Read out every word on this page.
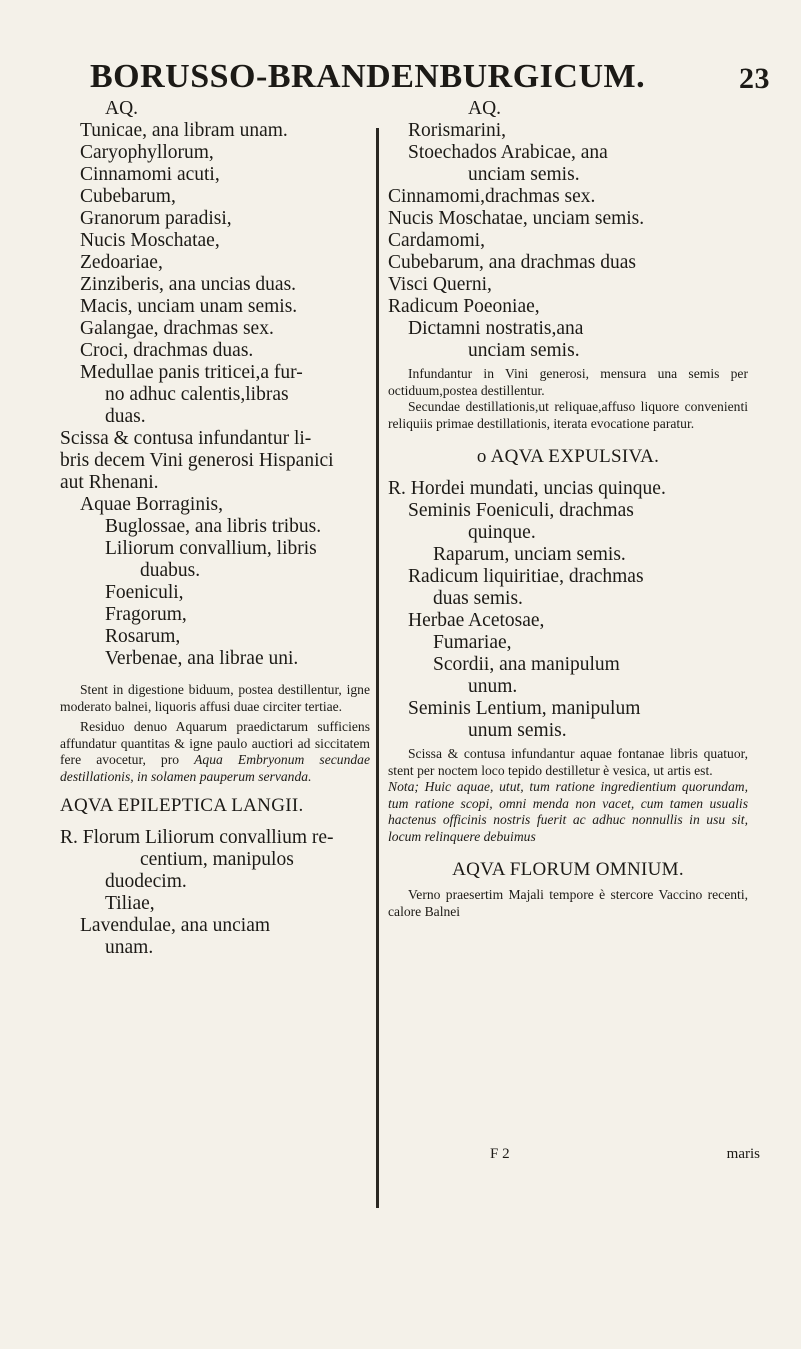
BORUSSO-BRANDENBURGICUM.	23
AQ.
Tunicae, ana libram unam.
Caryophyllorum,
Cinnamomi acuti,
Cubebarum,
Granorum paradisi,
Nucis Moschatae,
Zedoariae,
Zinziberis, ana uncias duas.
Macis, unciam unam semis.
Galangae, drachmas sex.
Croci, drachmas duas.
Medullae panis triticei,a fur-
no adhuc calentis,libras
duas.
Scissa & contusa infundantur li-
bris decem Vini generosi Hispanici
aut Rhenani.
Aquae Borraginis,
Buglossae, ana libris tribus.
Liliorum convallium, libris
duabus.
Foeniculi,
Fragorum,
Rosarum,
Verbenae, ana librae uni.
Stent in digestione biduum, postea destillentur, igne moderato balnei, liquoris affusi duae circiter tertiae.
Residuo denuo Aquarum praedictarum sufficiens affundatur quantitas & igne paulo auctiori ad siccitatem fere avocetur, pro Aqua Embryonum secundae destillationis, in solamen pauperum servanda.
AQVA EPILEPTICA LANGII.
R. Florum Liliorum convallium re-
centium, manipulos
duodecim.
Tiliae,
Lavendulae, ana unciam
unam.
AQ.
Rorismarini,
Stoechados Arabicae, ana
unciam semis.
Cinnamomi,drachmas sex.
Nucis Moschatae, unciam semis.
Cardamomi,
Cubebarum, ana drachmas duas
Visci Querni,
Radicum Poeoniae,
Dictamni nostratis,ana
unciam semis.
Infundantur in Vini generosi, mensura una semis per octiduum,postea destillentur.
Secundae destillationis,ut reliquae,affuso liquore convenienti reliquiis primae destillationis, iterata evocatione paratur.
o AQVA EXPULSIVA.
R. Hordei mundati, uncias quinque.
Seminis Foeniculi, drachmas
quinque.
Raparum, unciam semis.
Radicum liquiritiae, drachmas
duas semis.
Herbae Acetosae,
Fumariae,
Scordii, ana manipulum
unum.
Seminis Lentium, manipulum
unum semis.
Scissa & contusa infundantur aquae fontanae libris quatuor, stent per noctem loco tepido destilletur è vesica, ut artis est.
Nota; Huic aquae, utut, tum ratione ingredientium quorundam, tum ratione scopi, omni menda non vacet, cum tamen usualis hactenus officinis nostris fuerit ac adhuc nonnullis in usu sit, locum relinquere debuimus
AQVA FLORUM OMNIUM.
Verno praesertim Majali tempore è stercore Vaccino recenti, calore Balnei
F 2	maris
